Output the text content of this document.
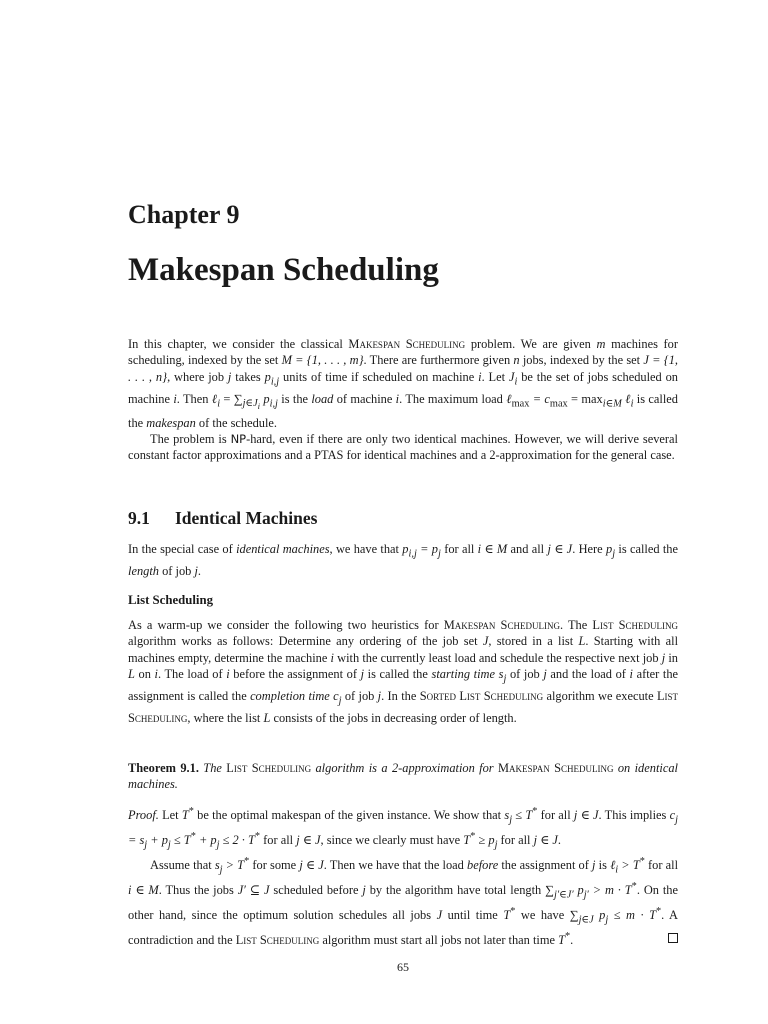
Chapter 9
Makespan Scheduling

In this chapter, we consider the classical Makespan Scheduling problem. We are given m machines for scheduling, indexed by the set M = {1, . . . , m}. There are furthermore given n jobs, indexed by the set J = {1, . . . , n}, where job j takes $p_{i,j}$ units of time if scheduled on machine i. Let $J_i$ be the set of jobs scheduled on machine i. Then ℓ$_i$ = $\sum_{j\in J_i}$ $p_{i,j}$ is the load of machine i. The maximum load ℓ$_{max}$ = $c_{max} = \max_{i\in M}$ ℓ$_i$ is called the makespan of the schedule.

The problem is NP-hard, even if there are only two identical machines. However, we will derive several constant factor approximations and a PTAS for identical machines and a 2-approximation for the general case.

9.1 Identical Machines

In the special case of identical machines, we have that $p_{i,j} = p_j$ for all i ∈ M and all j ∈ J. Here $p_j$ is called the length of job j.

List Scheduling

As a warm-up we consider the following two heuristics for Makespan Scheduling. The List Scheduling algorithm works as follows: Determine any ordering of the job set J, stored in a list L. Starting with all machines empty, determine the machine i with the currently least load and schedule the respective next job j in L on i. The load of i before the assignment of j is called the starting time $s_j$ of job j and the load of i after the assignment is called the completion time $c_j$ of job j. In the Sorted List Scheduling algorithm we execute List Scheduling, where the list L consists of the jobs in decreasing order of length.

Theorem 9.1. The List Scheduling algorithm is a 2-approximation for Makespan Scheduling on identical machines.

Proof. Let T* be the optimal makespan of the given instance. We show that $s_j \le T^*$ for all j ∈ J. This implies $c_j = s_j + p_j \le T^* + p_j \le 2 \cdot T^*$ for all j ∈ J, since we clearly must have $T^* \ge p_j$ for all j ∈ J.

Assume that $s_j > T^*$ for some j ∈ J. Then we have that the load before the assignment of j is ℓ$_i$ > T* for all i ∈ M. Thus the jobs J′ ⊆ J scheduled before j by the algorithm have total length $\sum_{j'\in J'}$ $p_{j'} > m \cdot T^*$. On the other hand, since the optimum solution schedules all jobs J until time T* we have $\sum_{j\in J}$ $p_j \le m \cdot T^*$. A contradiction and the List Scheduling algorithm must start all jobs not later than time T*.

65
